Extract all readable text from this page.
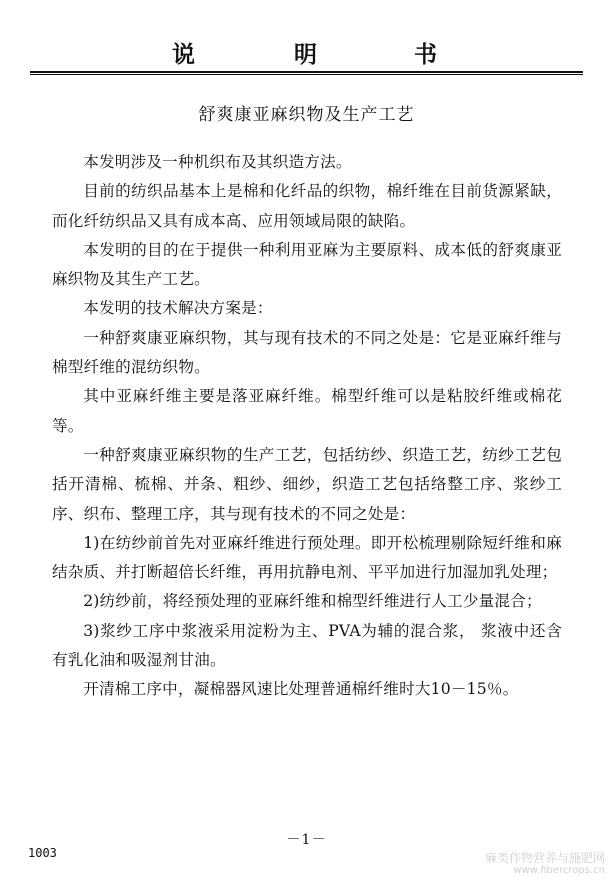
说	明	书
舒爽康亚麻织物及生产工艺

本发明涉及一种机织布及其织造方法。

目前的纺织品基本上是棉和化纤品的织物，棉纤维在目前货源紧缺，而化纤纺织品又具有成本高、应用领域局限的缺陷。

本发明的目的在于提供一种利用亚麻为主要原料、成本低的舒爽康亚麻织物及其生产工艺。

本发明的技术解决方案是：

一种舒爽康亚麻织物，其与现有技术的不同之处是：它是亚麻纤维与棉型纤维的混纺织物。

其中亚麻纤维主要是落亚麻纤维。棉型纤维可以是粘胶纤维或棉花等。

一种舒爽康亚麻织物的生产工艺，包括纺纱、织造工艺，纺纱工艺包括开清棉、梳棉、并条、粗纱、细纱，织造工艺包括络整工序、浆纱工序、织布、整理工序，其与现有技术的不同之处是：

1)在纺纱前首先对亚麻纤维进行预处理。即开松梳理剔除短纤维和麻结杂质、并打断超倍长纤维，再用抗静电剂、平平加进行加湿加乳处理；

2)纺纱前，将经预处理的亚麻纤维和棉型纤维进行人工少量混合；

3)浆纱工序中浆液采用淀粉为主、PVA为辅的混合浆， 浆液中还含有乳化油和吸湿剂甘油。

开清棉工序中，凝棉器风速比处理普通棉纤维时大10－15％。

－1－
1003	麻类作物营养与施肥网
www.fibercrops.cn
